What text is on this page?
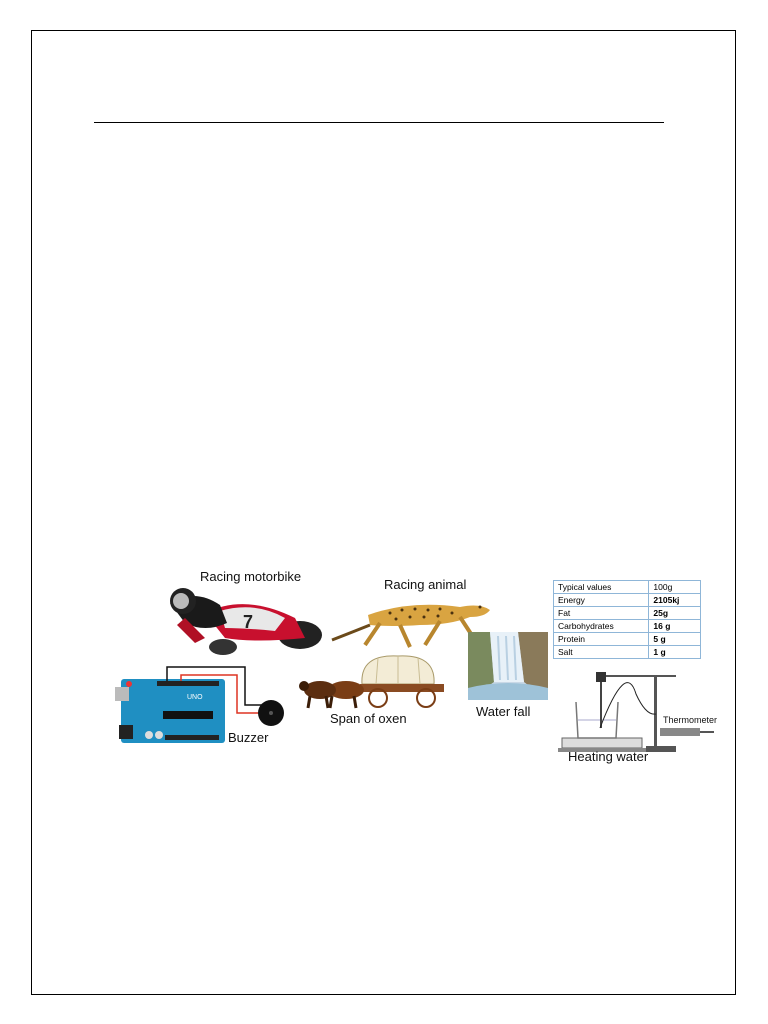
7
Racing motorbike
Racing animal	Typical values	100g
Energy	2105kj
Fat	25g
Carbohydrates	16 g
Protein	5 g
Salt	1 g
UNO
Buzzer
Span of oxen	Water fall
Thermometer
Heating water
